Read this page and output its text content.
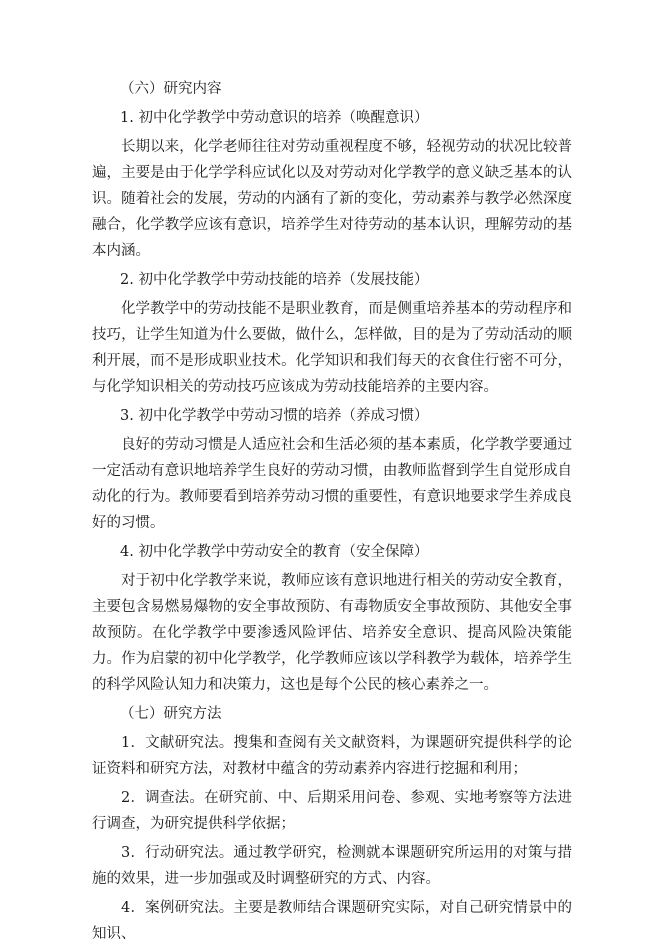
（六）研究内容

1. 初中化学教学中劳动意识的培养（唤醒意识）

长期以来，化学老师往往对劳动重视程度不够，轻视劳动的状况比较普遍，主要是由于化学学科应试化以及对劳动对化学教学的意义缺乏基本的认识。随着社会的发展，劳动的内涵有了新的变化，劳动素养与教学必然深度融合，化学教学应该有意识，培养学生对待劳动的基本认识，理解劳动的基本内涵。

2. 初中化学教学中劳动技能的培养（发展技能）

化学教学中的劳动技能不是职业教育，而是侧重培养基本的劳动程序和技巧，让学生知道为什么要做，做什么，怎样做，目的是为了劳动活动的顺利开展，而不是形成职业技术。化学知识和我们每天的衣食住行密不可分，与化学知识相关的劳动技巧应该成为劳动技能培养的主要内容。

3. 初中化学教学中劳动习惯的培养（养成习惯）

良好的劳动习惯是人适应社会和生活必须的基本素质，化学教学要通过一定活动有意识地培养学生良好的劳动习惯，由教师监督到学生自觉形成自动化的行为。教师要看到培养劳动习惯的重要性，有意识地要求学生养成良好的习惯。

4. 初中化学教学中劳动安全的教育（安全保障）

对于初中化学教学来说，教师应该有意识地进行相关的劳动安全教育，主要包含易燃易爆物的安全事故预防、有毒物质安全事故预防、其他安全事故预防。在化学教学中要渗透风险评估、培养安全意识、提高风险决策能力。作为启蒙的初中化学教学，化学教师应该以学科教学为载体，培养学生的科学风险认知力和决策力，这也是每个公民的核心素养之一。

（七）研究方法

1．文献研究法。搜集和查阅有关文献资料，为课题研究提供科学的论证资料和研究方法，对教材中蕴含的劳动素养内容进行挖掘和利用；

2．调查法。在研究前、中、后期采用问卷、参观、实地考察等方法进行调查，为研究提供科学依据；

3．行动研究法。通过教学研究，检测就本课题研究所运用的对策与措施的效果，进一步加强或及时调整研究的方式、内容。

4．案例研究法。主要是教师结合课题研究实际，对自己研究情景中的知识、
